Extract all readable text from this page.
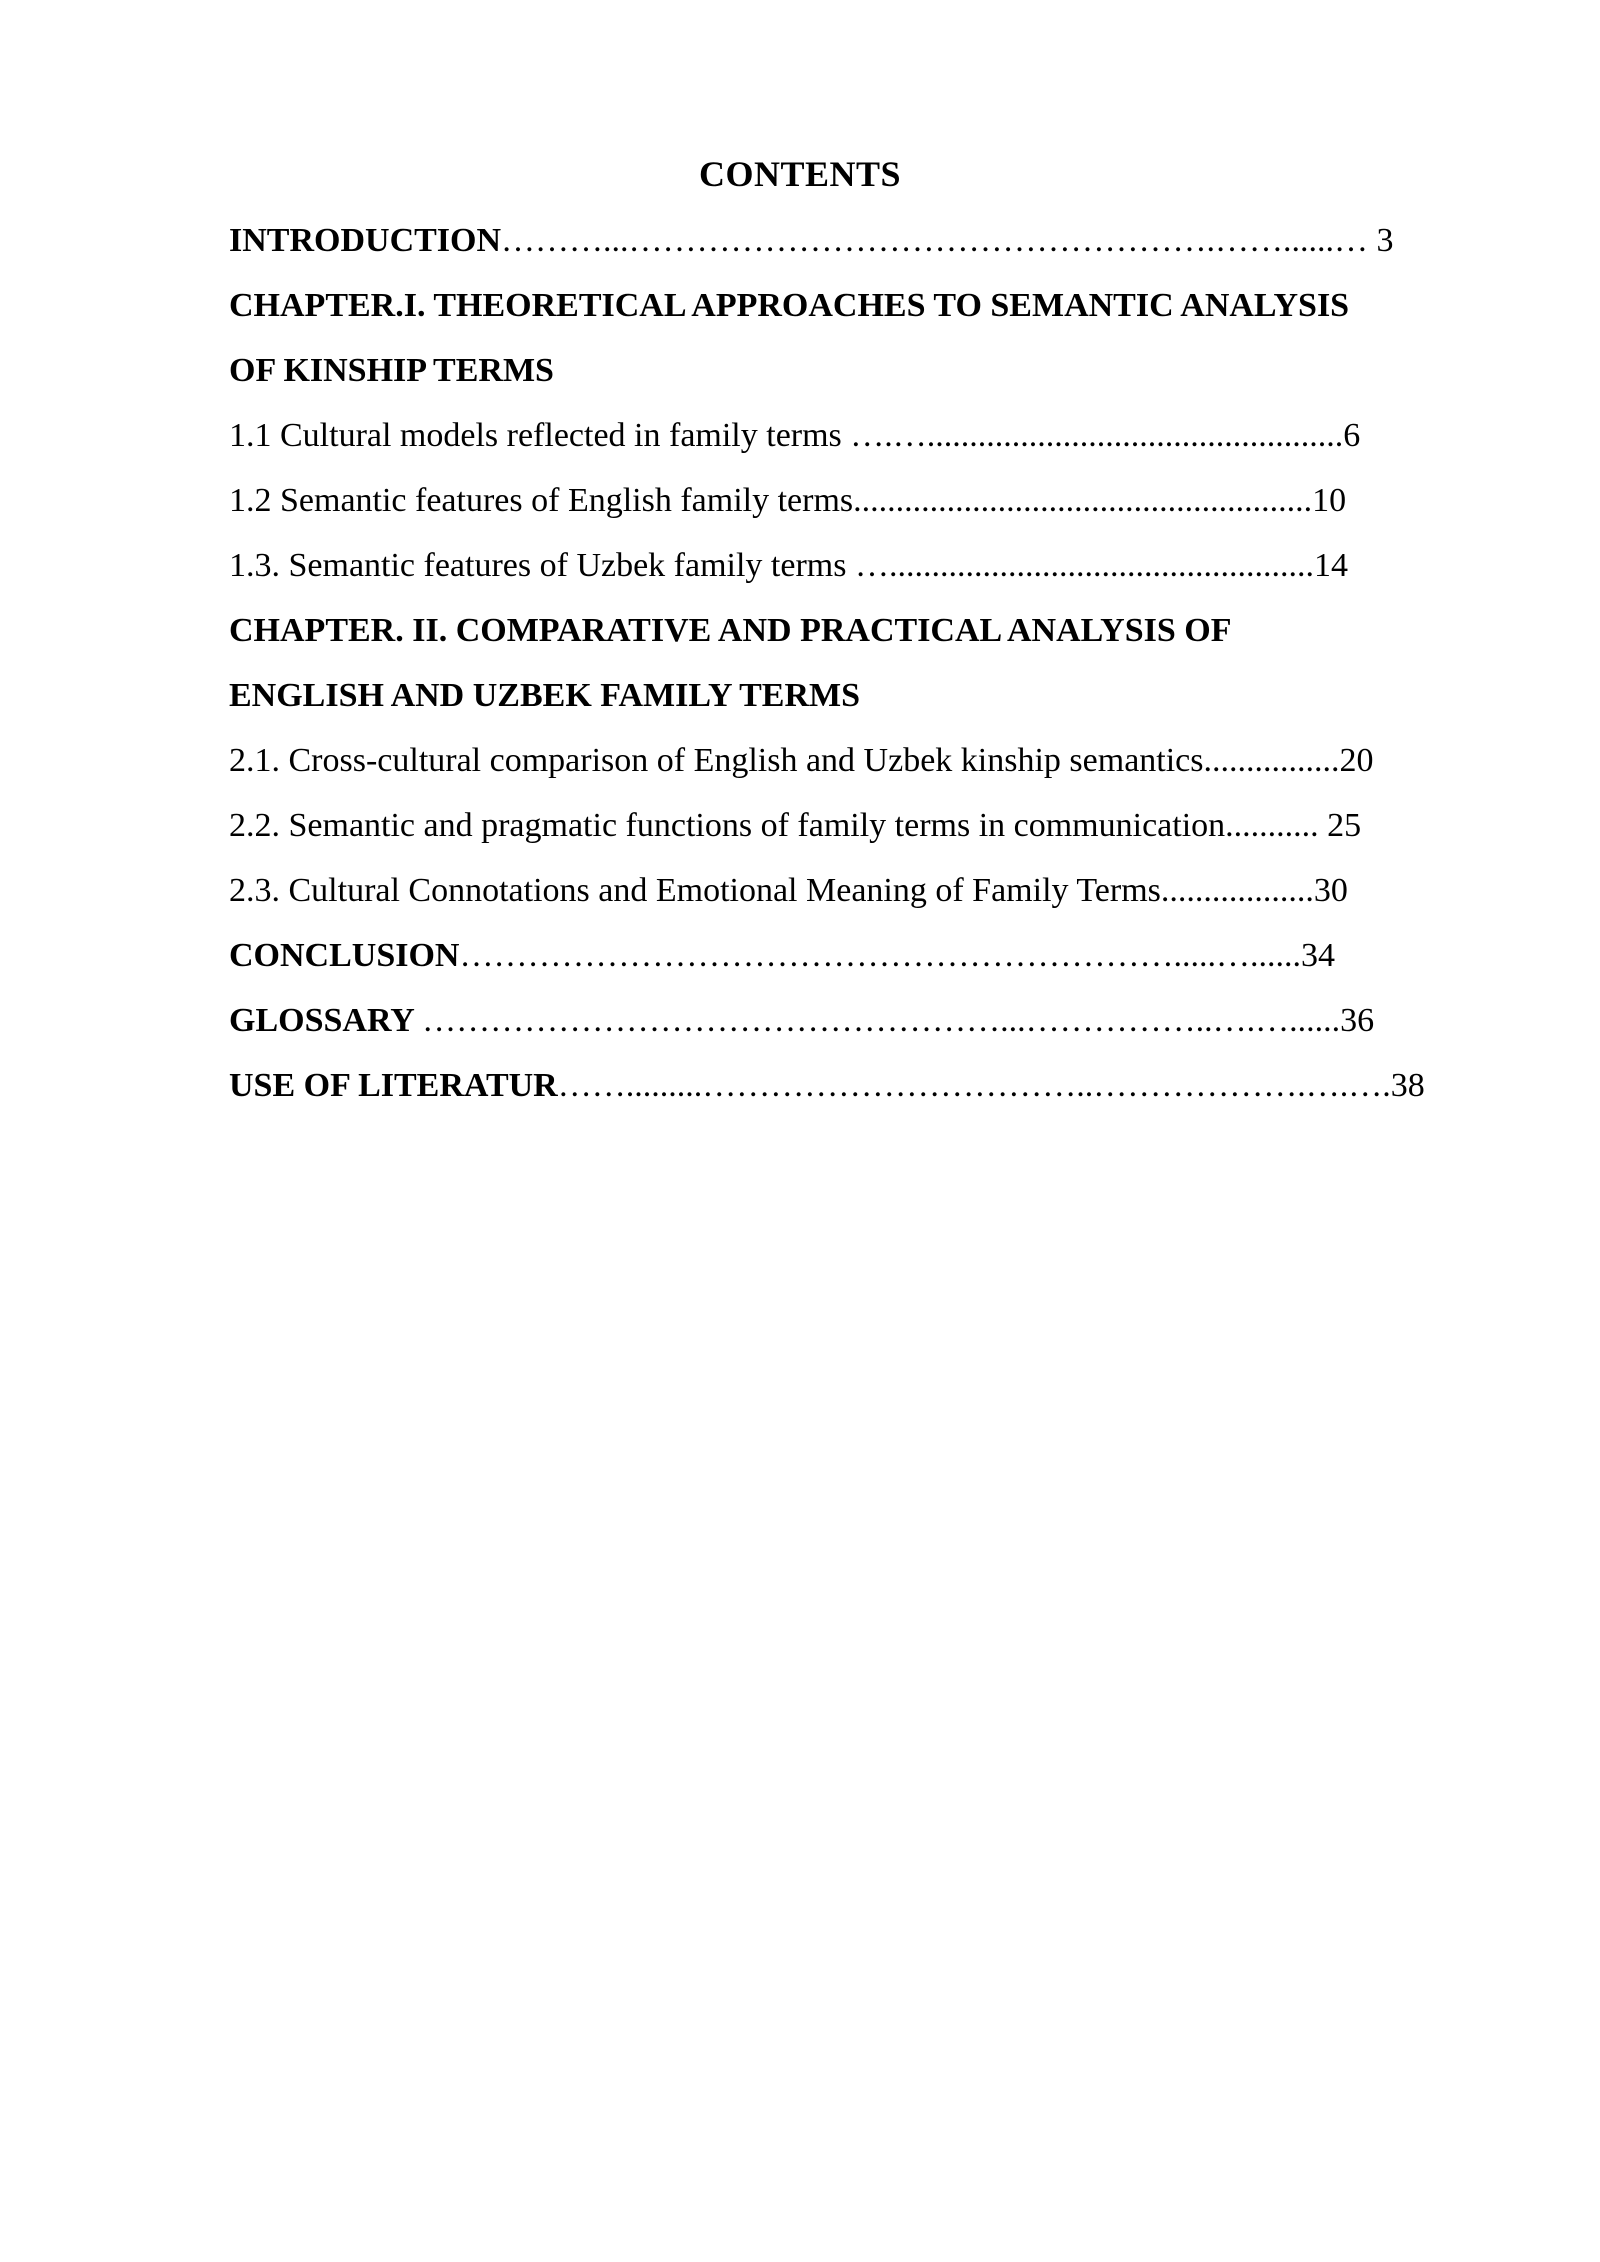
CONTENTS
INTRODUCTION………...…………………………………………….……......… 3
CHAPTER.I. THEORETICAL APPROACHES TO SEMANTIC ANALYSIS
OF KINSHIP TERMS
1.1 Cultural models reflected in family terms ….….................................................6
1.2 Semantic features of English family terms......................................................10
1.3. Semantic features of Uzbek family terms …..................................................14
CHAPTER. II. COMPARATIVE AND PRACTICAL ANALYSIS OF
ENGLISH AND UZBEK FAMILY TERMS
2.1. Cross-cultural comparison of English and Uzbek kinship semantics................20
2.2. Semantic and pragmatic functions of family terms in communication........... 25
2.3. Cultural Connotations and Emotional Meaning of Family Terms..................30
CONCLUSION……………………………………………………….....…......34
GLOSSARY ……………………………………………...……………..….…......36
USE OF LITERATUR…….........……………………………..……………….….….38
